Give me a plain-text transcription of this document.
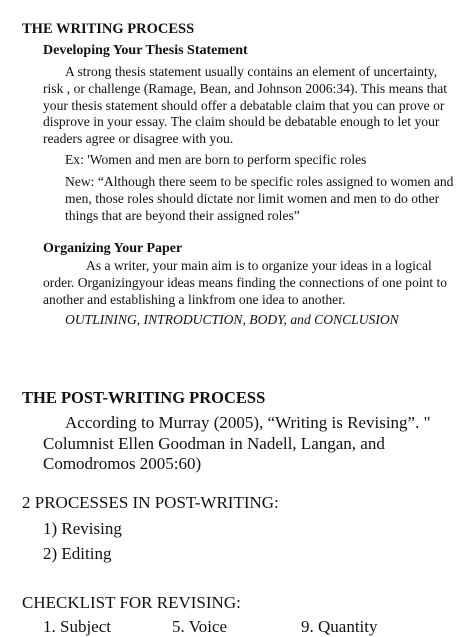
THE WRITING PROCESS
Developing Your Thesis Statement

A strong thesis statement usually contains an element of uncertainty, risk , or challenge (Ramage, Bean, and Johnson 2006:34). This means that your thesis statement should offer a debatable claim that you can prove or disprove in your essay. The claim should be debatable enough to let your readers agree or disagree with you.

Ex: 'Women and men are born to perform specific roles

New: “Although there seem to be specific roles assigned to women and men, those roles should dictate nor limit women and men to do other things that are beyond their assigned roles”

Organizing Your Paper

As a writer, your main aim is to organize your ideas in a logical order. Organizingyour ideas means finding the connections of one point to another and establishing a linkfrom one idea to another.

OUTLINING, INTRODUCTION, BODY, and CONCLUSION

THE POST-WRITING PROCESS

According to Murray (2005), “Writing is Revising”. " Columnist Ellen Goodman in Nadell, Langan, and Comodromos 2005:60)

2 PROCESSES IN POST-WRITING:

1) Revising

2) Editing

CHECKLIST FOR REVISING:

1. Subject	5. Voice	9. Quantity
